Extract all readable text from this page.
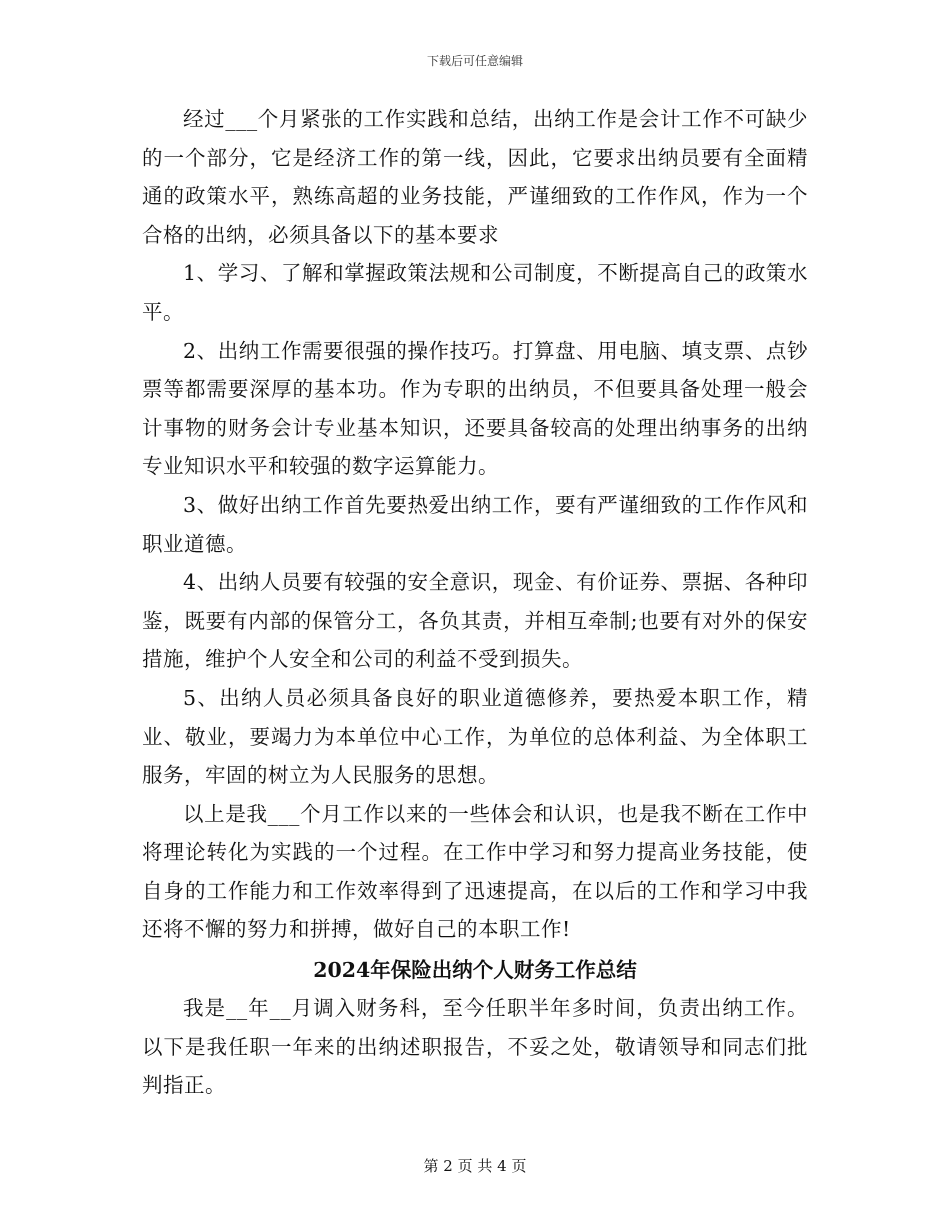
下载后可任意编辑

经过___个月紧张的工作实践和总结，出纳工作是会计工作不可缺少的一个部分，它是经济工作的第一线，因此，它要求出纳员要有全面精通的政策水平，熟练高超的业务技能，严谨细致的工作作风，作为一个合格的出纳，必须具备以下的基本要求

1、学习、了解和掌握政策法规和公司制度，不断提高自己的政策水平。

2、出纳工作需要很强的操作技巧。打算盘、用电脑、填支票、点钞票等都需要深厚的基本功。作为专职的出纳员，不但要具备处理一般会计事物的财务会计专业基本知识，还要具备较高的处理出纳事务的出纳专业知识水平和较强的数字运算能力。

3、做好出纳工作首先要热爱出纳工作，要有严谨细致的工作作风和职业道德。

4、出纳人员要有较强的安全意识，现金、有价证券、票据、各种印鉴，既要有内部的保管分工，各负其责，并相互牵制;也要有对外的保安措施，维护个人安全和公司的利益不受到损失。

5、出纳人员必须具备良好的职业道德修养，要热爱本职工作，精业、敬业，要竭力为本单位中心工作，为单位的总体利益、为全体职工服务，牢固的树立为人民服务的思想。

以上是我___个月工作以来的一些体会和认识，也是我不断在工作中将理论转化为实践的一个过程。在工作中学习和努力提高业务技能，使自身的工作能力和工作效率得到了迅速提高，在以后的工作和学习中我还将不懈的努力和拼搏，做好自己的本职工作!

2024年保险出纳个人财务工作总结

我是__年__月调入财务科，至今任职半年多时间，负责出纳工作。以下是我任职一年来的出纳述职报告，不妥之处，敬请领导和同志们批判指正。

第 2 页 共 4 页
